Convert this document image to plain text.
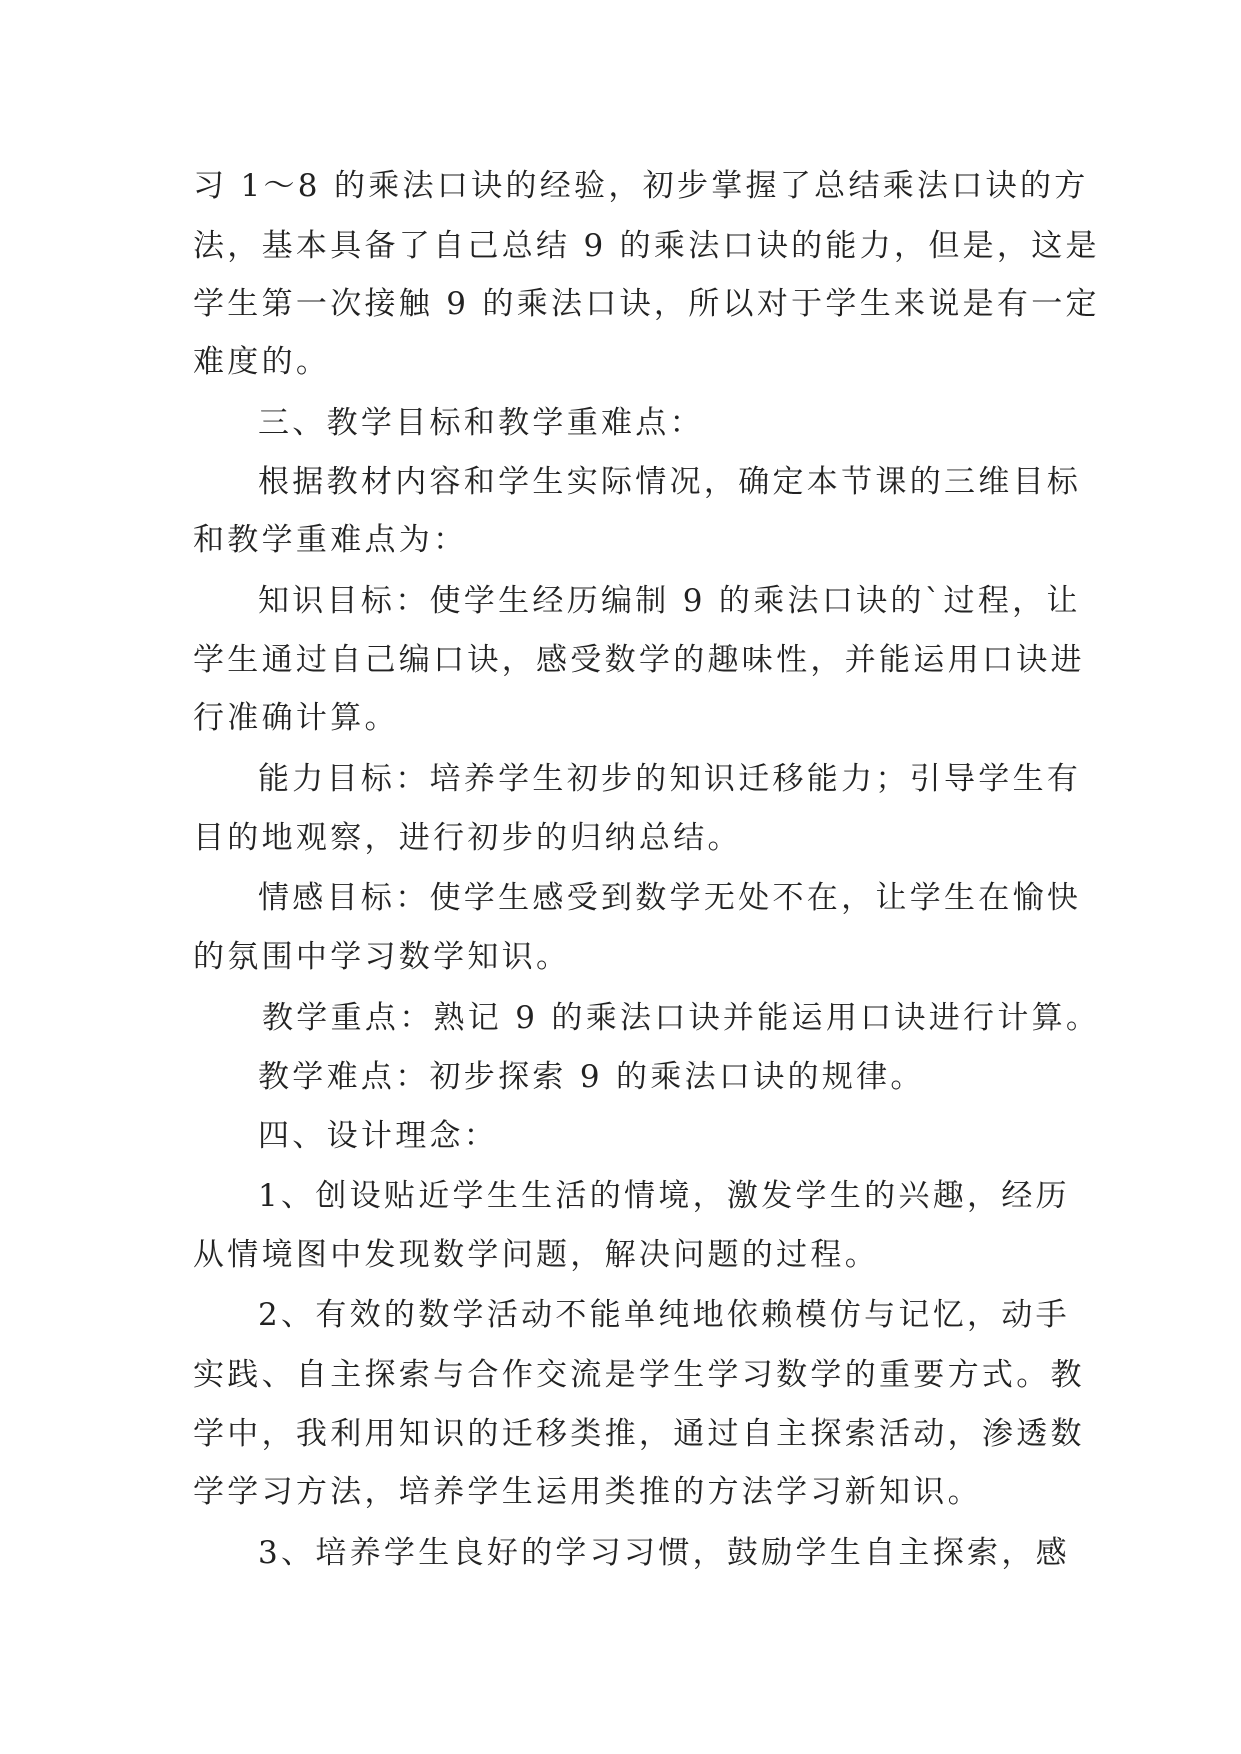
习 1～8 的乘法口诀的经验，初步掌握了总结乘法口诀的方
法，基本具备了自己总结 9 的乘法口诀的能力，但是，这是
学生第一次接触 9 的乘法口诀，所以对于学生来说是有一定
难度的。
三、教学目标和教学重难点：
根据教材内容和学生实际情况，确定本节课的三维目标
和教学重难点为：
知识目标：使学生经历编制 9 的乘法口诀的`过程，让
学生通过自己编口诀，感受数学的趣味性，并能运用口诀进
行准确计算。
能力目标：培养学生初步的知识迁移能力；引导学生有
目的地观察，进行初步的归纳总结。
情感目标：使学生感受到数学无处不在，让学生在愉快
的氛围中学习数学知识。
教学重点：熟记 9 的乘法口诀并能运用口诀进行计算。
教学难点：初步探索 9 的乘法口诀的规律。
四、设计理念：
1、创设贴近学生生活的情境，激发学生的兴趣，经历
从情境图中发现数学问题，解决问题的过程。
2、有效的数学活动不能单纯地依赖模仿与记忆，动手
实践、自主探索与合作交流是学生学习数学的重要方式。教
学中，我利用知识的迁移类推，通过自主探索活动，渗透数
学学习方法，培养学生运用类推的方法学习新知识。
3、培养学生良好的学习习惯，鼓励学生自主探索，感
